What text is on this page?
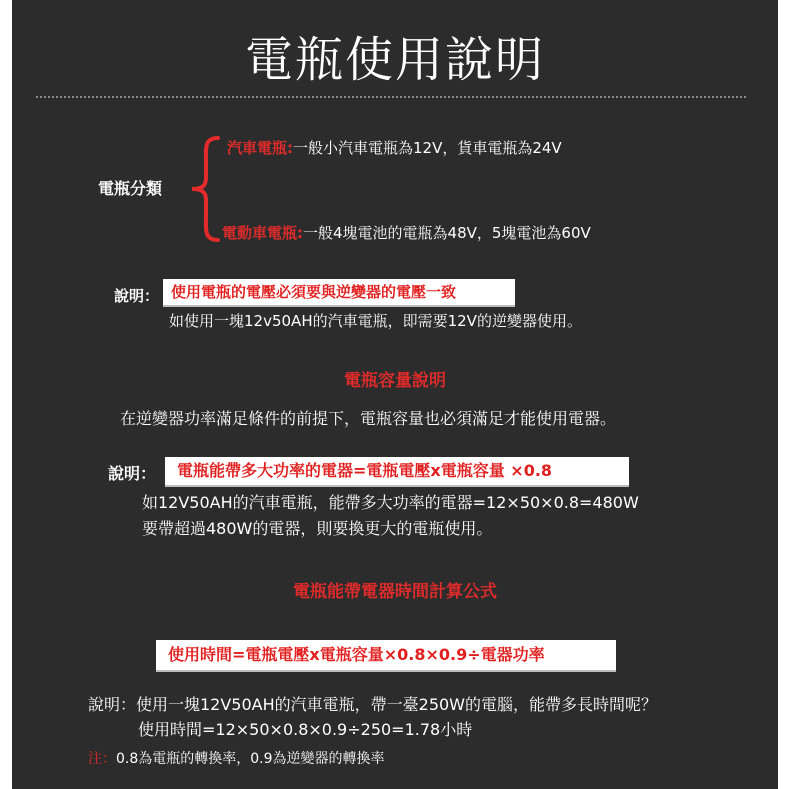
電瓶使用說明
電瓶分類
汽車電瓶:一般小汽車電瓶為12V，貨車電瓶為24V
電動車電瓶:一般4塊電池的電瓶為48V，5塊電池為60V
說明： 使用電瓶的電壓必須要與逆變器的電壓一致
如使用一塊12v50AH的汽車電瓶，即需要12V的逆變器使用。
電瓶容量說明
在逆變器功率滿足條件的前提下，電瓶容量也必須滿足才能使用電器。
說明：	電瓶能帶多大功率的電器=電瓶電壓x電瓶容量 ×0.8
如12V50AH的汽車電瓶，能帶多大功率的電器=12×50×0.8=480W
要帶超過480W的電器，則要換更大的電瓶使用。
電瓶能帶電器時間計算公式
使用時間=電瓶電壓x電瓶容量×0.8×0.9÷電器功率
說明：使用一塊12V50AH的汽車電瓶，帶一臺250W的電腦，能帶多長時間呢？
使用時間=12×50×0.8×0.9÷250=1.78小時
注：0.8為電瓶的轉換率，0.9為逆變器的轉換率
